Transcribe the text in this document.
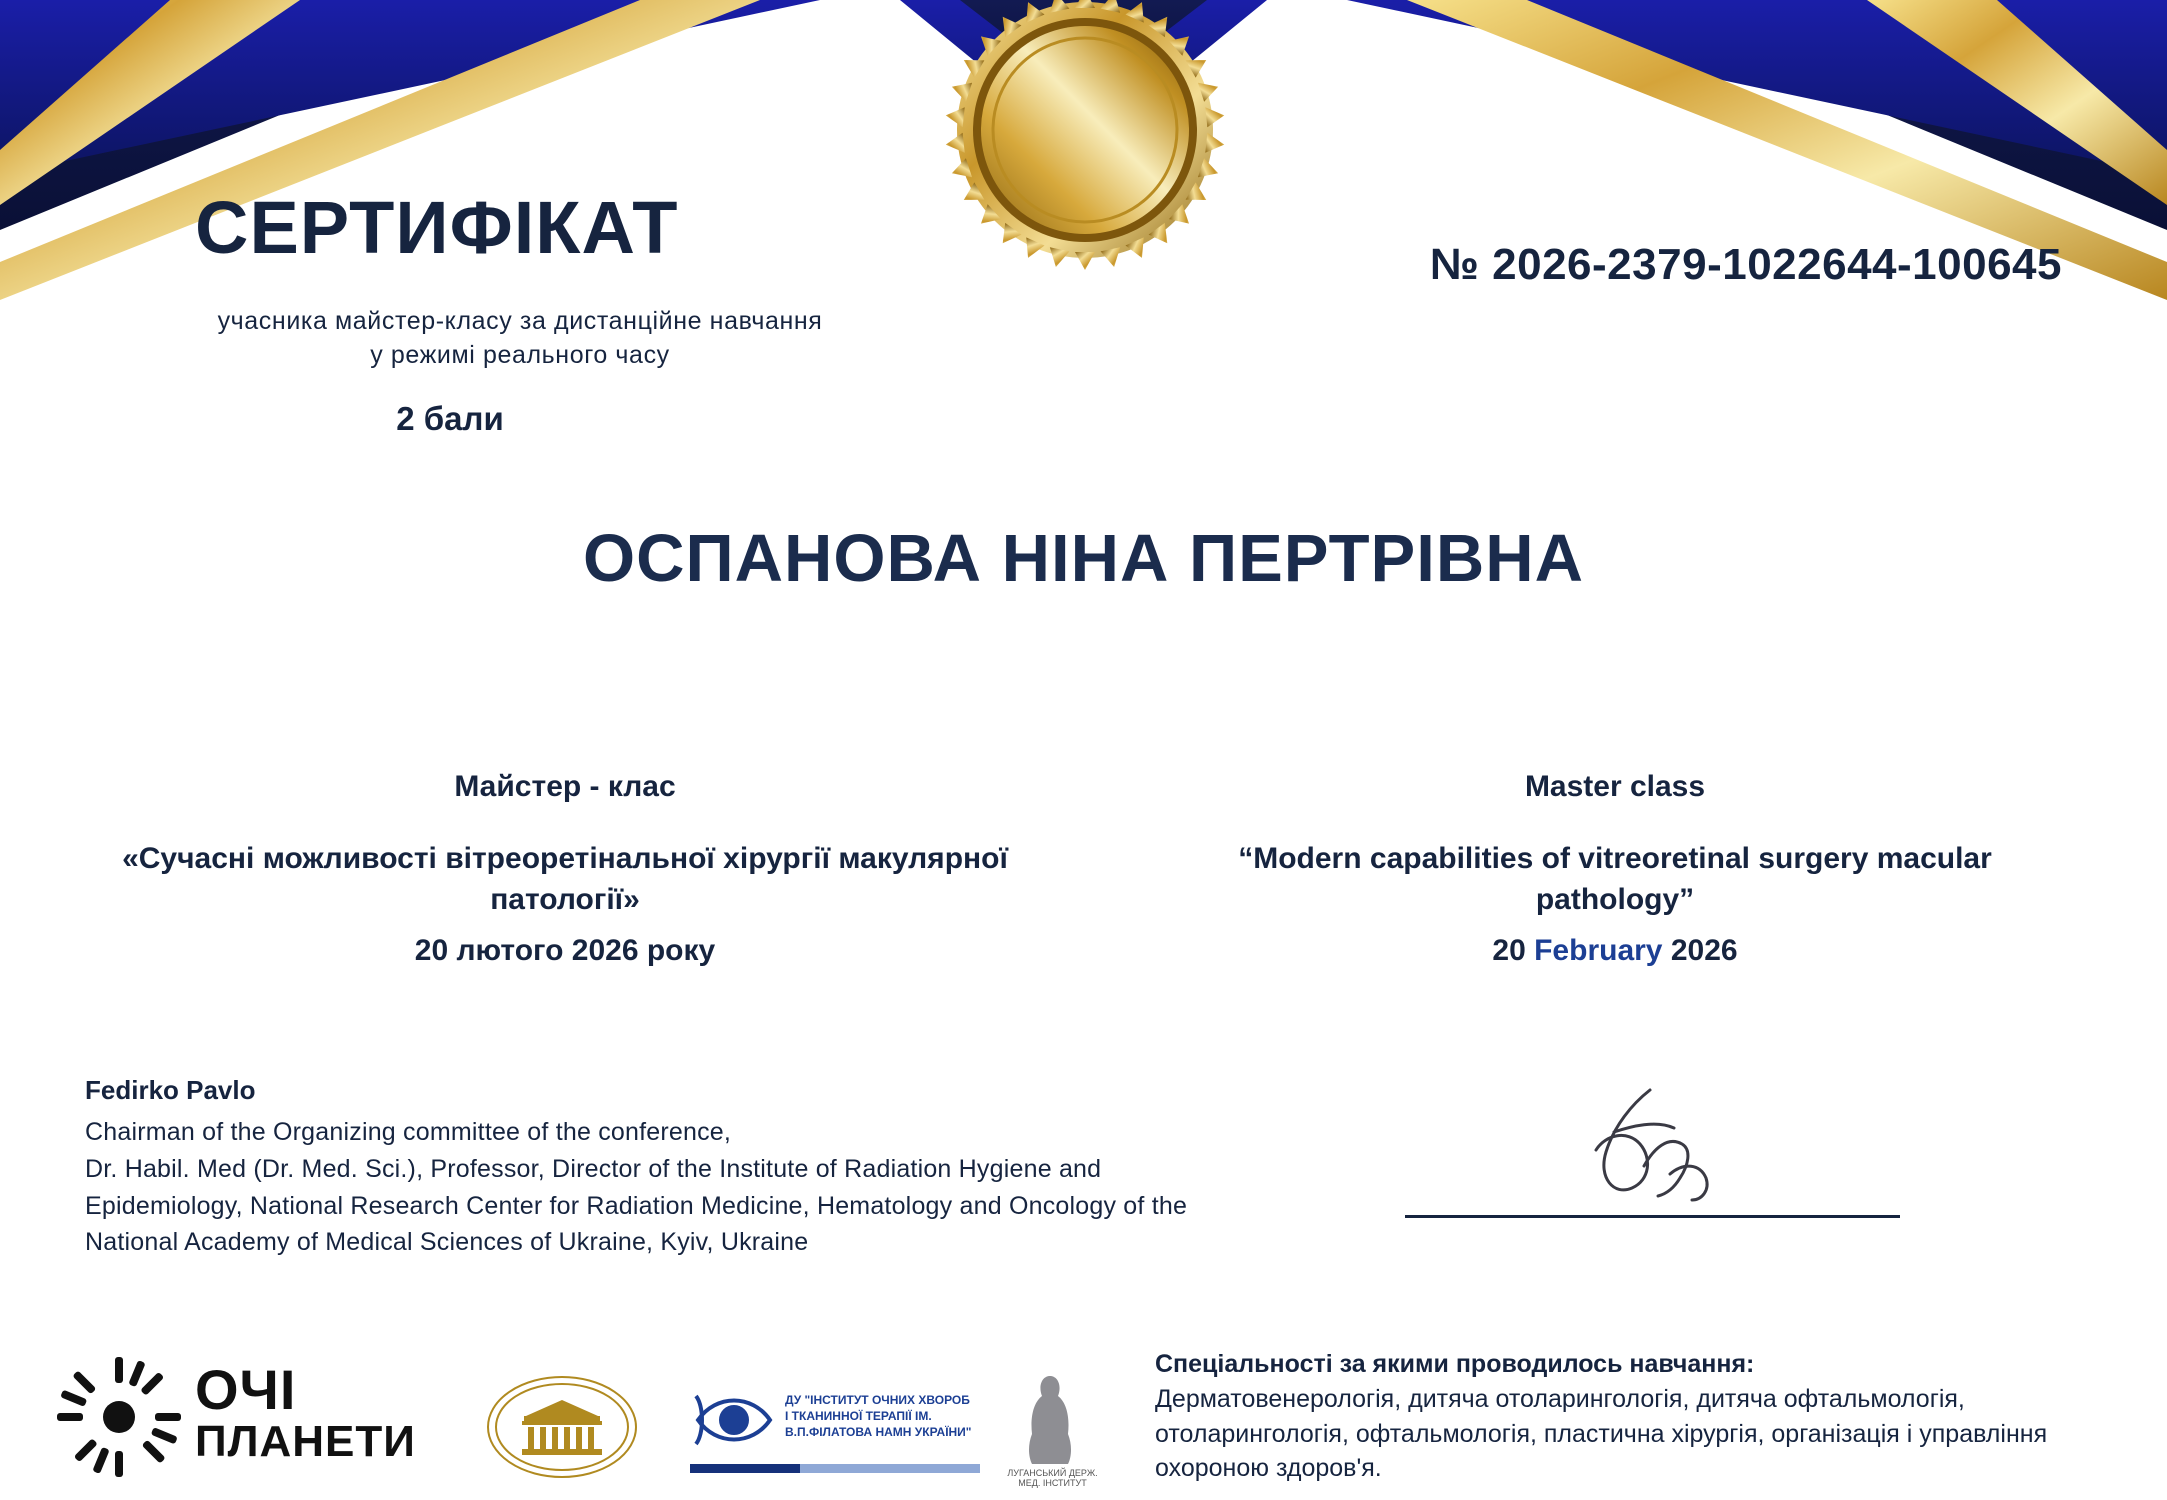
СЕРТИФІКАТ
учасника майстер-класу за дистанційне навчання
у режимі реального часу
2 бали
№ 2026-2379-1022644-100645
ОСПАНОВА НІНА ПЕРТРІВНА
Майстер - клас
«Сучасні можливості вітреоретінальної хірургії макулярної патології»
20 лютого 2026 року
Master class
“Modern capabilities of vitreoretinal surgery macular pathology”
20 February 2026
Fedirko Pavlo
Chairman of the Organizing committee of the conference,
Dr. Habil. Med (Dr. Med. Sci.), Professor, Director of the Institute of Radiation Hygiene and
Epidemiology, National Research Center for Radiation Medicine, Hematology and Oncology of the
National Academy of Medical Sciences of Ukraine, Kyiv, Ukraine
ОЧІ
ПЛАНЕТИ
ДУ "ІНСТИТУТ ОЧНИХ ХВОРОБ І ТКАНИННОЇ ТЕРАПІЇ ІМ. В.П.ФІЛАТОВА НАМН УКРАЇНИ"
ЛУГАНСЬКИЙ ДЕРЖ. МЕД. ІНСТИТУТ
Спеціальності за якими проводилось навчання:
Дерматовенерологія, дитяча отоларингологія, дитяча офтальмологія,
отоларингологія, офтальмологія, пластична хірургія, організація і управління
охороною здоров'я.
